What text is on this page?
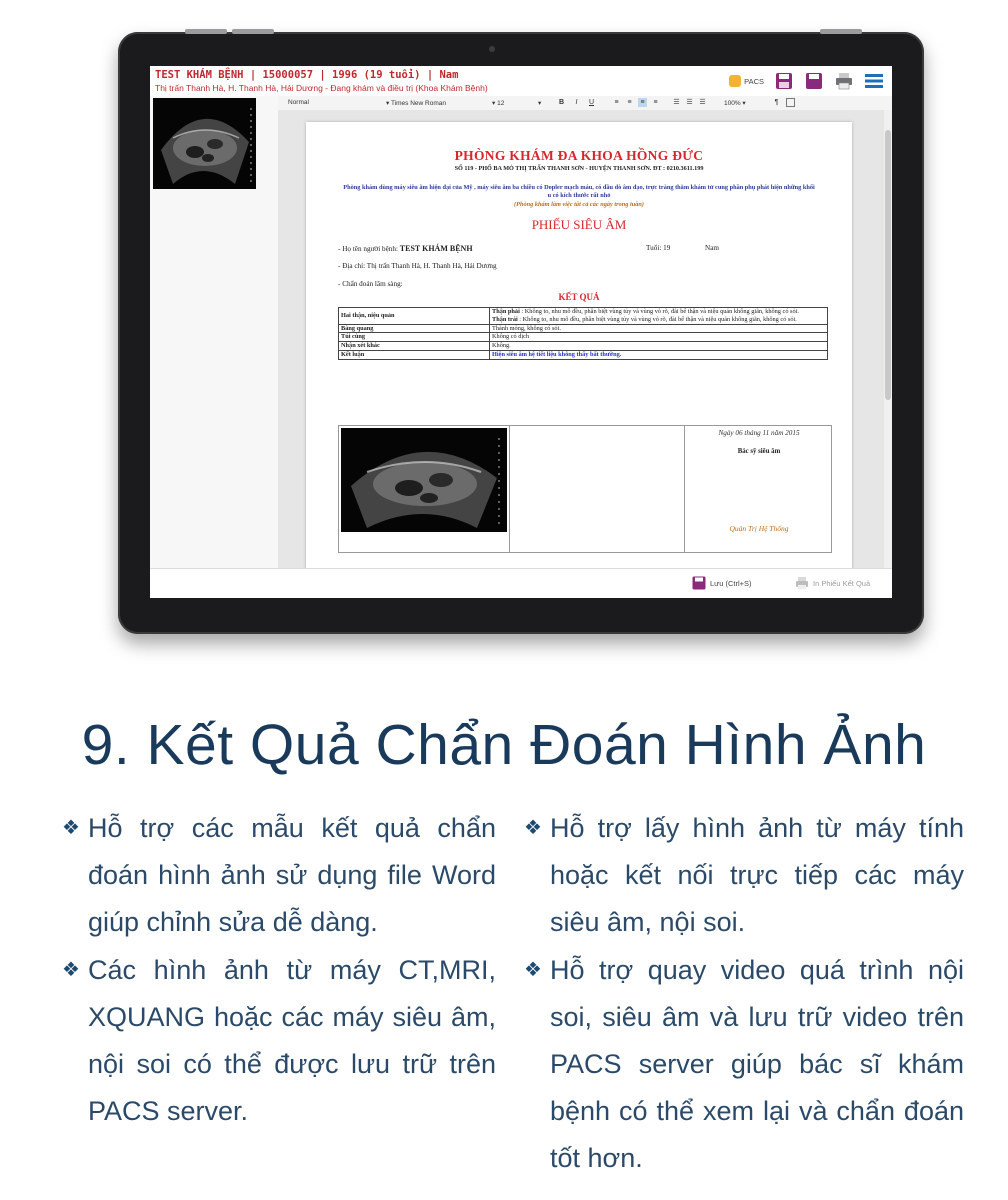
TEST KHÁM BỆNH | 15000057 | 1996 (19 tuổi) | Nam
Thị trấn Thanh Hà, H. Thanh Hà, Hải Dương - Đang khám và điều trị (Khoa Khám Bệnh)
PACS
Normal	▾ Times New Roman	▾ 12	▾	B	I	U	≡	≡	≡	≡	☰ ☰ ☰	100% ▾	¶
PHÒNG KHÁM ĐA KHOA HỒNG ĐỨC
SỐ 119 - PHỐ BA MỎ THỊ TRẤN THANH SƠN - HUYỆN THANH SƠN. ĐT : 0210.3611.199
Phòng khám dùng máy siêu âm hiện đại của Mỹ , máy siêu âm ba chiều có Dopler mạch máu, có đầu dò âm đạo, trực tràng thăm khám tử cung phần phụ phát hiện những khối u có kích thước rất nhỏ
(Phòng khám làm việc tất cả các ngày trong tuần)
PHIẾU SIÊU ÂM
- Họ tên người bệnh: TEST KHÁM BỆNH	Tuổi: 19	Nam
- Địa chỉ: Thị trấn Thanh Hà, H. Thanh Hà, Hải Dương
- Chẩn đoán lâm sàng:
KẾT QUẢ
Hai thận, niệu quản	Thận phải : Không to, nhu mô đều, phân biệt vùng tủy và vùng vỏ rõ, đài bể thận và niệu quản không giãn, không có sỏi.
Thận trái : Không to, nhu mô đều, phân biệt vùng tủy và vùng vỏ rõ, đài bể thận và niệu quản không giãn, không có sỏi.
Bàng quang	Thành mỏng, không có sỏi.
Túi cùng	Không có dịch
Nhận xét khác	Không.
Kết luận	Hiện siêu âm hệ tiết liệu không thấy bất thường.
Ngày 06 tháng 11 năm 2015
Bác sỹ siêu âm
Quản Trị Hệ Thống
Lưu (Ctrl+S)	In Phiếu Kết Quả
9. Kết Quả Chẩn Đoán Hình Ảnh
❖ Hỗ trợ các mẫu kết quả chẩn đoán hình ảnh sử dụng file Word giúp chỉnh sửa dễ dàng.
❖ Các hình ảnh từ máy CT,MRI, XQUANG hoặc các máy siêu âm, nội soi có thể được lưu trữ trên PACS server.
❖ Hỗ trợ lấy hình ảnh từ máy tính hoặc kết nối trực tiếp các máy siêu âm, nội soi.
❖ Hỗ trợ quay video quá trình nội soi, siêu âm và lưu trữ video trên PACS server giúp bác sĩ khám bệnh có thể xem lại và chẩn đoán tốt hơn.
